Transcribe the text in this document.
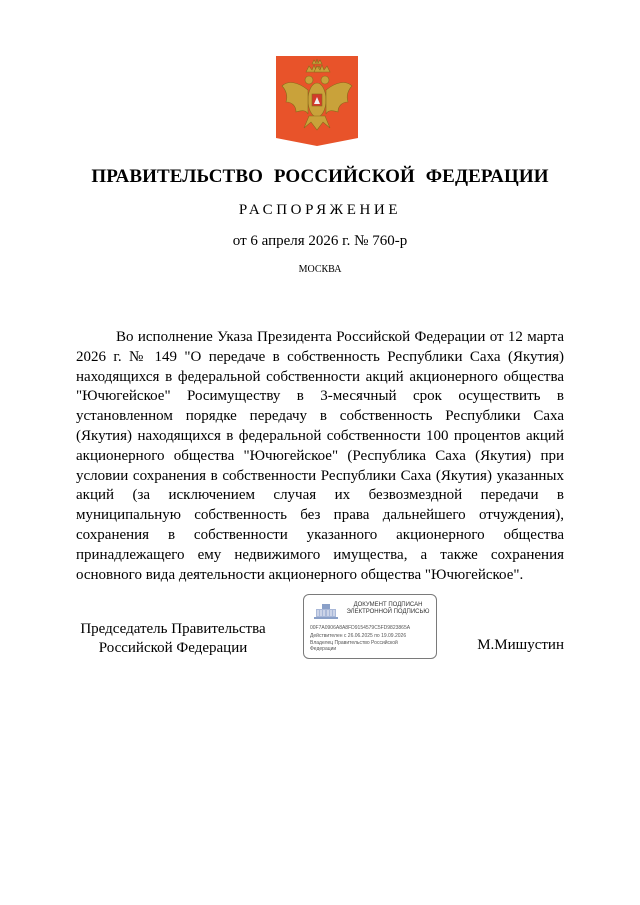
ПРАВИТЕЛЬСТВО РОССИЙСКОЙ ФЕДЕРАЦИИ
РАСПОРЯЖЕНИЕ
от 6 апреля 2026 г. № 760-р
МОСКВА

Во исполнение Указа Президента Российской Федерации от 12 марта 2026 г. № 149 "О передаче в собственность Республики Саха (Якутия) находящихся в федеральной собственности акций акционерного общества "Ючюгейское" Росимуществу в 3-месячный срок осуществить в установленном порядке передачу в собственность Республики Саха (Якутия) находящихся в федеральной собственности 100 процентов акций акционерного общества "Ючюгейское" (Республика Саха (Якутия) при условии сохранения в собственности Республики Саха (Якутия) указанных акций (за исключением случая их безвозмездной передачи в муниципальную собственность без права дальнейшего отчуждения), сохранения в собственности указанного акционерного общества принадлежащего ему недвижимого имущества, а также сохранения основного вида деятельности акционерного общества "Ючюгейское".

Председатель Правительства
Российской Федерации
ДОКУМЕНТ ПОДПИСАН
ЭЛЕКТРОННОЙ ПОДПИСЬЮ
00F7A0906A8A8FD9154579C5FD9823865A
Действителен с 26.06.2025 по 19.09.2026
Владелец Правительство Российской
Федерации	М.Мишустин
